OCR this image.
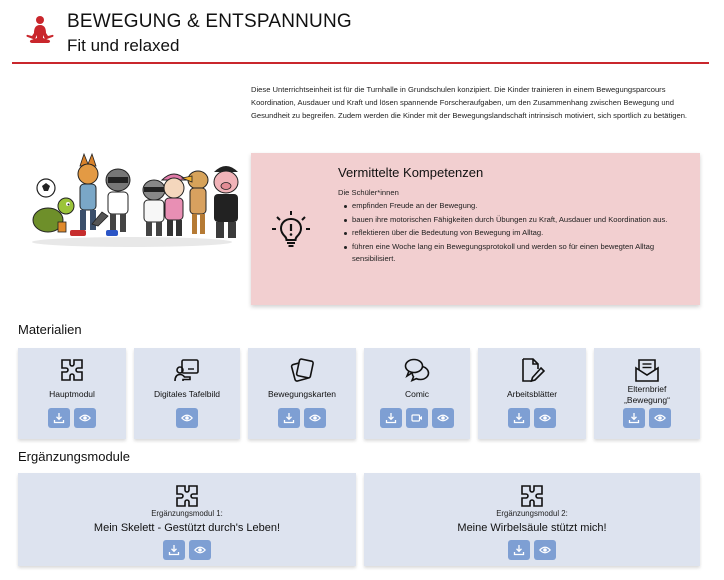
BEWEGUNG & ENTSPANNUNG
Fit und relaxed
Diese Unterrichtseinheit ist für die Turnhalle in Grundschulen konzipiert. Die Kinder trainieren in einem Bewegungsparcours Koordination, Ausdauer und Kraft und lösen spannende Forscheraufgaben, um den Zusammenhang zwischen Bewegung und Gesundheit zu begreifen. Zudem werden die Kinder mit der Bewegungslandschaft intrinsisch motiviert, sich sportlich zu betätigen.
Vermittelte Kompetenzen
Die Schüler*innen
empfinden Freude an der Bewegung.
bauen ihre motorischen Fähigkeiten durch Übungen zu Kraft, Ausdauer und Koordination aus.
reflektieren über die Bedeutung von Bewegung im Alltag.
führen eine Woche lang ein Bewegungsprotokoll und werden so für einen bewegten Alltag sensibilisiert.
Materialien
Hauptmodul	Digitales Tafelbild	Bewegungskarten	Comic	Arbeitsblätter	Elternbrief
„Bewegung“
Ergänzungsmodule
Ergänzungsmodul 1:
Mein Skelett - Gestützt durch's Leben!
Ergänzungsmodul 2:
Meine Wirbelsäule stützt mich!
